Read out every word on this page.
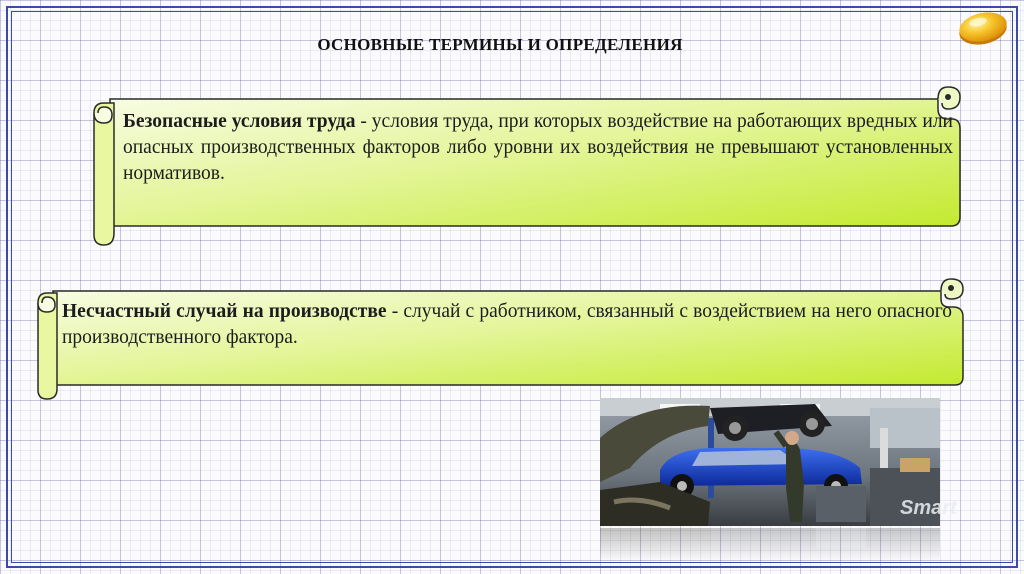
ОСНОВНЫЕ ТЕРМИНЫ И ОПРЕДЕЛЕНИЯ
Безопасные условия труда - условия труда, при которых воздействие на работающих вредных или опасных производственных факторов либо уровни их воздействия не превышают установленных нормативов.
Несчастный случай на производстве - случай с работником, связанный с воздействием на него опасного производственного фактора.
Smart
